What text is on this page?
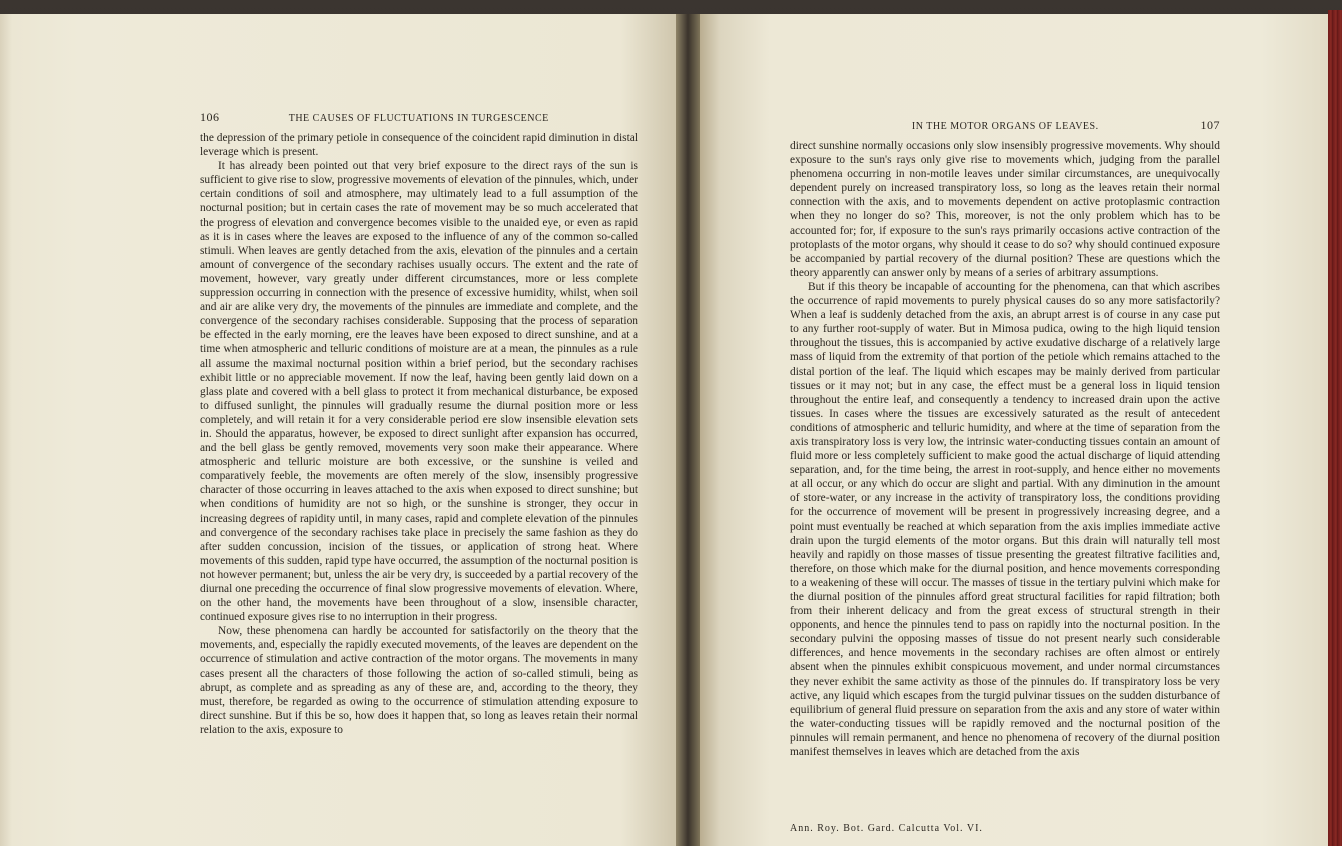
106	THE CAUSES OF FLUCTUATIONS IN TURGESCENCE

the depression of the primary petiole in consequence of the coincident rapid diminution in distal leverage which is present.

It has already been pointed out that very brief exposure to the direct rays of the sun is sufficient to give rise to slow, progressive movements of elevation of the pinnules, which, under certain conditions of soil and atmosphere, may ultimately lead to a full assumption of the nocturnal position; but in certain cases the rate of movement may be so much accelerated that the progress of elevation and convergence becomes visible to the unaided eye, or even as rapid as it is in cases where the leaves are exposed to the influence of any of the common so-called stimuli. When leaves are gently detached from the axis, elevation of the pinnules and a certain amount of convergence of the secondary rachises usually occurs. The extent and the rate of movement, however, vary greatly under different circumstances, more or less complete suppression occurring in connection with the presence of excessive humidity, whilst, when soil and air are alike very dry, the movements of the pinnules are immediate and complete, and the convergence of the secondary rachises considerable. Supposing that the process of separation be effected in the early morning, ere the leaves have been exposed to direct sunshine, and at a time when atmospheric and telluric conditions of moisture are at a mean, the pinnules as a rule all assume the maximal nocturnal position within a brief period, but the secondary rachises exhibit little or no appreciable movement. If now the leaf, having been gently laid down on a glass plate and covered with a bell glass to protect it from mechanical disturbance, be exposed to diffused sunlight, the pinnules will gradually resume the diurnal position more or less completely, and will retain it for a very considerable period ere slow insensible elevation sets in. Should the apparatus, however, be exposed to direct sunlight after expansion has occurred, and the bell glass be gently removed, movements very soon make their appearance. Where atmospheric and telluric moisture are both excessive, or the sunshine is veiled and comparatively feeble, the movements are often merely of the slow, insensibly progressive character of those occurring in leaves attached to the axis when exposed to direct sunshine; but when conditions of humidity are not so high, or the sunshine is stronger, they occur in increasing degrees of rapidity until, in many cases, rapid and complete elevation of the pinnules and convergence of the secondary rachises take place in precisely the same fashion as they do after sudden concussion, incision of the tissues, or application of strong heat. Where movements of this sudden, rapid type have occurred, the assumption of the nocturnal position is not however permanent; but, unless the air be very dry, is succeeded by a partial recovery of the diurnal one preceding the occurrence of final slow progressive movements of elevation. Where, on the other hand, the movements have been throughout of a slow, insensible character, continued exposure gives rise to no interruption in their progress.

Now, these phenomena can hardly be accounted for satisfactorily on the theory that the movements, and, especially the rapidly executed movements, of the leaves are dependent on the occurrence of stimulation and active contraction of the motor organs. The movements in many cases present all the characters of those following the action of so-called stimuli, being as abrupt, as complete and as spreading as any of these are, and, according to the theory, they must, therefore, be regarded as owing to the occurrence of stimulation attending exposure to direct sunshine. But if this be so, how does it happen that, so long as leaves retain their normal relation to the axis, exposure to

IN THE MOTOR ORGANS OF LEAVES.	107

direct sunshine normally occasions only slow insensibly progressive movements. Why should exposure to the sun's rays only give rise to movements which, judging from the parallel phenomena occurring in non-motile leaves under similar circumstances, are unequivocally dependent purely on increased transpiratory loss, so long as the leaves retain their normal connection with the axis, and to movements dependent on active protoplasmic contraction when they no longer do so? This, moreover, is not the only problem which has to be accounted for; for, if exposure to the sun's rays primarily occasions active contraction of the protoplasts of the motor organs, why should it cease to do so? why should continued exposure be accompanied by partial recovery of the diurnal position? These are questions which the theory apparently can answer only by means of a series of arbitrary assumptions.

But if this theory be incapable of accounting for the phenomena, can that which ascribes the occurrence of rapid movements to purely physical causes do so any more satisfactorily? When a leaf is suddenly detached from the axis, an abrupt arrest is of course in any case put to any further root-supply of water. But in Mimosa pudica, owing to the high liquid tension throughout the tissues, this is accompanied by active exudative discharge of a relatively large mass of liquid from the extremity of that portion of the petiole which remains attached to the distal portion of the leaf. The liquid which escapes may be mainly derived from particular tissues or it may not; but in any case, the effect must be a general loss in liquid tension throughout the entire leaf, and consequently a tendency to increased drain upon the active tissues. In cases where the tissues are excessively saturated as the result of antecedent conditions of atmospheric and telluric humidity, and where at the time of separation from the axis transpiratory loss is very low, the intrinsic water-conducting tissues contain an amount of fluid more or less completely sufficient to make good the actual discharge of liquid attending separation, and, for the time being, the arrest in root-supply, and hence either no movements at all occur, or any which do occur are slight and partial. With any diminution in the amount of store-water, or any increase in the activity of transpiratory loss, the conditions providing for the occurrence of movement will be present in progressively increasing degree, and a point must eventually be reached at which separation from the axis implies immediate active drain upon the turgid elements of the motor organs. But this drain will naturally tell most heavily and rapidly on those masses of tissue presenting the greatest filtrative facilities and, therefore, on those which make for the diurnal position, and hence movements corresponding to a weakening of these will occur. The masses of tissue in the tertiary pulvini which make for the diurnal position of the pinnules afford great structural facilities for rapid filtration; both from their inherent delicacy and from the great excess of structural strength in their opponents, and hence the pinnules tend to pass on rapidly into the nocturnal position. In the secondary pulvini the opposing masses of tissue do not present nearly such considerable differences, and hence movements in the secondary rachises are often almost or entirely absent when the pinnules exhibit conspicuous movement, and under normal circumstances they never exhibit the same activity as those of the pinnules do. If transpiratory loss be very active, any liquid which escapes from the turgid pulvinar tissues on the sudden disturbance of equilibrium of general fluid pressure on separation from the axis and any store of water within the water-conducting tissues will be rapidly removed and the nocturnal position of the pinnules will remain permanent, and hence no phenomena of recovery of the diurnal position manifest themselves in leaves which are detached from the axis

Ann. Roy. Bot. Gard. Calcutta Vol. VI.
